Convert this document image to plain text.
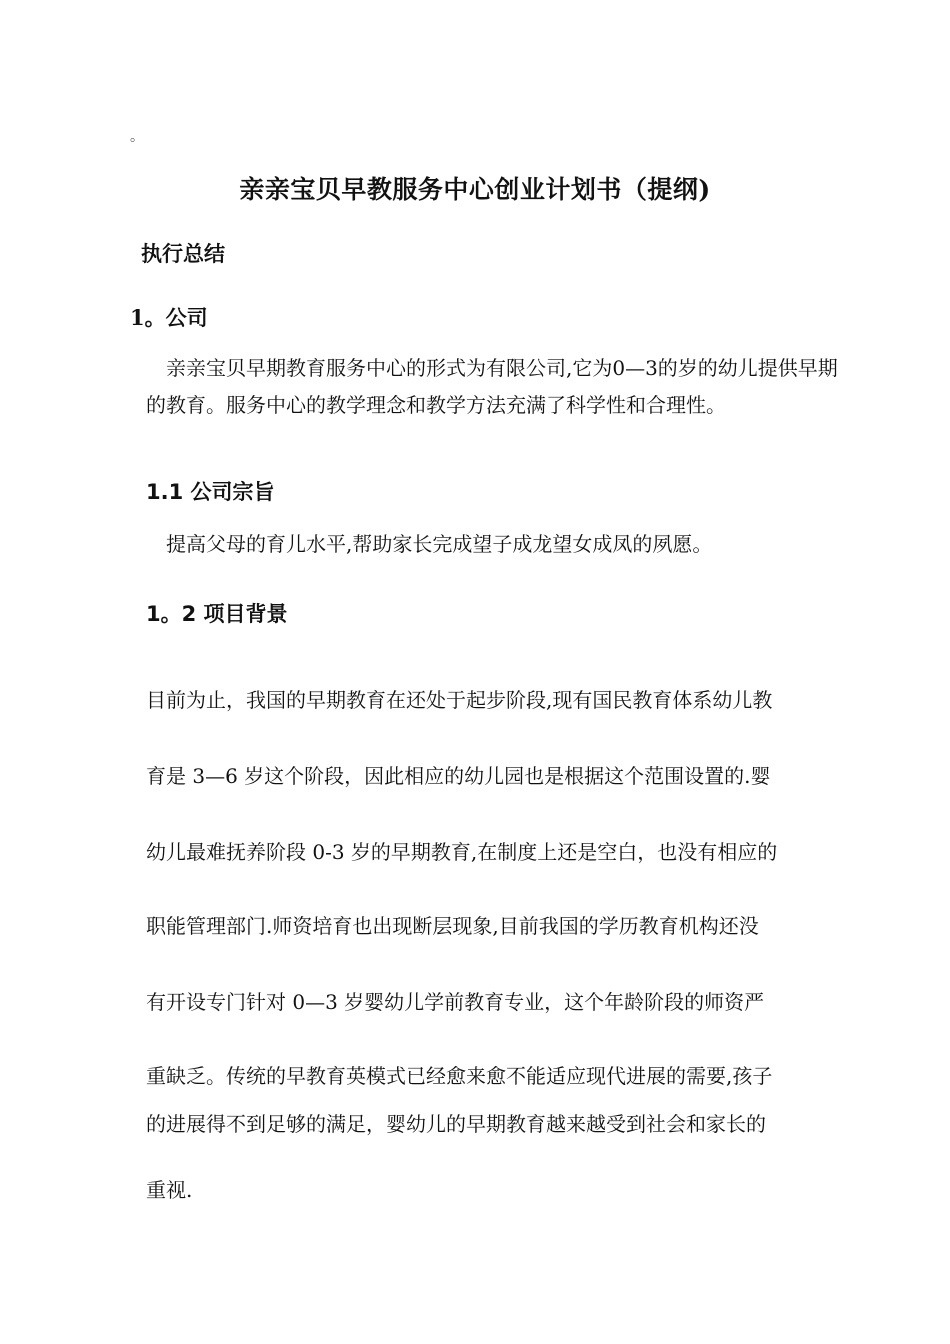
。
亲亲宝贝早教服务中心创业计划书（提纲)
执行总结
1。公司
亲亲宝贝早期教育服务中心的形式为有限公司,它为0—3的岁的幼儿提供早期的教育。服务中心的教学理念和教学方法充满了科学性和合理性。
1.1 公司宗旨
提高父母的育儿水平,帮助家长完成望子成龙望女成凤的夙愿。
1。2 项目背景
目前为止，我国的早期教育在还处于起步阶段,现有国民教育体系幼儿教
育是 3—6 岁这个阶段，因此相应的幼儿园也是根据这个范围设置的.婴
幼儿最难抚养阶段 0-3 岁的早期教育,在制度上还是空白，也没有相应的
职能管理部门.师资培育也出现断层现象,目前我国的学历教育机构还没
有开设专门针对 0—3 岁婴幼儿学前教育专业，这个年龄阶段的师资严
重缺乏。传统的早教育英模式已经愈来愈不能适应现代进展的需要,孩子
的进展得不到足够的满足，婴幼儿的早期教育越来越受到社会和家长的
重视.
